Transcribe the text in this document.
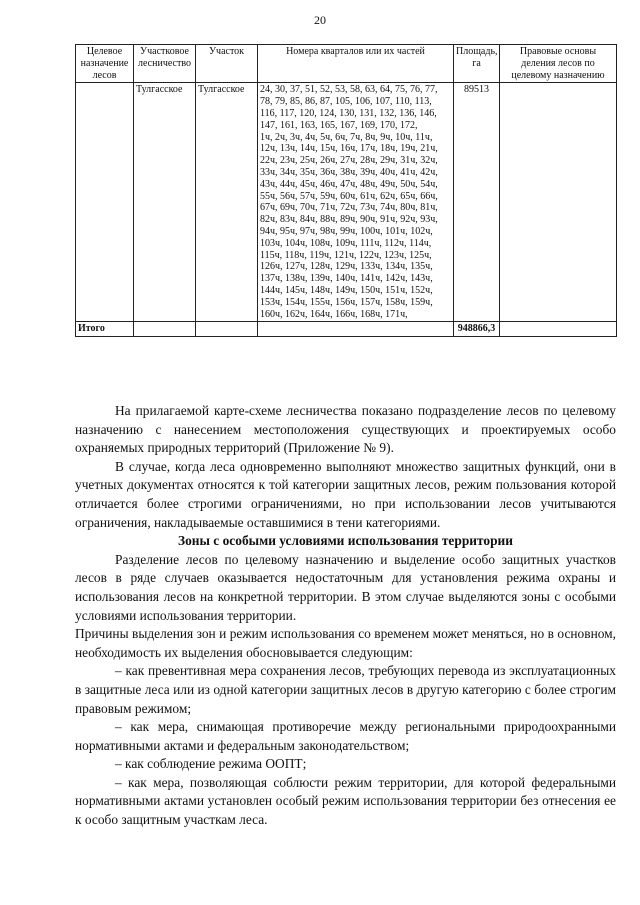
20
Целевое назначение лесов	Участковое лесничество	Участок	Номера кварталов или их частей	Площадь, га	Правовые основы деления лесов по целевому назначению
	Тулгасское	Тулгасское	24, 30, 37, 51, 52, 53, 58, 63, 64, 75, 76, 77, 78, 79, 85, 86, 87, 105, 106, 107, 110, 113, 116, 117, 120, 124, 130, 131, 132, 136, 146, 147, 161, 163, 165, 167, 169, 170, 172,
1ч, 2ч, 3ч, 4ч, 5ч, 6ч, 7ч, 8ч, 9ч, 10ч, 11ч, 12ч, 13ч, 14ч, 15ч, 16ч, 17ч, 18ч, 19ч, 21ч, 22ч, 23ч, 25ч, 26ч, 27ч, 28ч, 29ч, 31ч, 32ч, 33ч, 34ч, 35ч, 36ч, 38ч, 39ч, 40ч, 41ч, 42ч, 43ч, 44ч, 45ч, 46ч, 47ч, 48ч, 49ч, 50ч, 54ч, 55ч, 56ч, 57ч, 59ч, 60ч, 61ч, 62ч, 65ч, 66ч, 67ч, 69ч, 70ч, 71ч, 72ч, 73ч, 74ч, 80ч, 81ч, 82ч, 83ч, 84ч, 88ч, 89ч, 90ч, 91ч, 92ч, 93ч, 94ч, 95ч, 97ч, 98ч, 99ч, 100ч, 101ч, 102ч, 103ч, 104ч, 108ч, 109ч, 111ч, 112ч, 114ч, 115ч, 118ч, 119ч, 121ч, 122ч, 123ч, 125ч, 126ч, 127ч, 128ч, 129ч, 133ч, 134ч, 135ч, 137ч, 138ч, 139ч, 140ч, 141ч, 142ч, 143ч, 144ч, 145ч, 148ч, 149ч, 150ч, 151ч, 152ч, 153ч, 154ч, 155ч, 156ч, 157ч, 158ч, 159ч, 160ч, 162ч, 164ч, 166ч, 168ч, 171ч,	89513	
Итого				948866,3	

На прилагаемой карте-схеме лесничества показано подразделение лесов по целевому назначению с нанесением местоположения существующих и проектируемых особо охраняемых природных территорий (Приложение № 9).

В случае, когда леса одновременно выполняют множество защитных функций, они в учетных документах относятся к той категории защитных лесов, режим пользования которой отличается более строгими ограничениями, но при использовании лесов учитываются ограничения, накладываемые оставшимися в тени категориями.

Зоны с особыми условиями использования территории

Разделение лесов по целевому назначению и выделение особо защитных участков лесов в ряде случаев оказывается недостаточным для установления режима охраны и использования лесов на конкретной территории. В этом случае выделяются зоны с особыми условиями использования территории.

Причины выделения зон и режим использования со временем может меняться, но в основном, необходимость их выделения обосновывается следующим:

– как превентивная мера сохранения лесов, требующих перевода из эксплуатационных в защитные леса или из одной категории защитных лесов в другую категорию с более строгим правовым режимом;

– как мера, снимающая противоречие между региональными природоохранными нормативными актами и федеральным законодательством;

– как соблюдение режима ООПТ;

– как мера, позволяющая соблюсти режим территории, для которой федеральными нормативными актами установлен особый режим использования территории без отнесения ее к особо защитным участкам леса.
